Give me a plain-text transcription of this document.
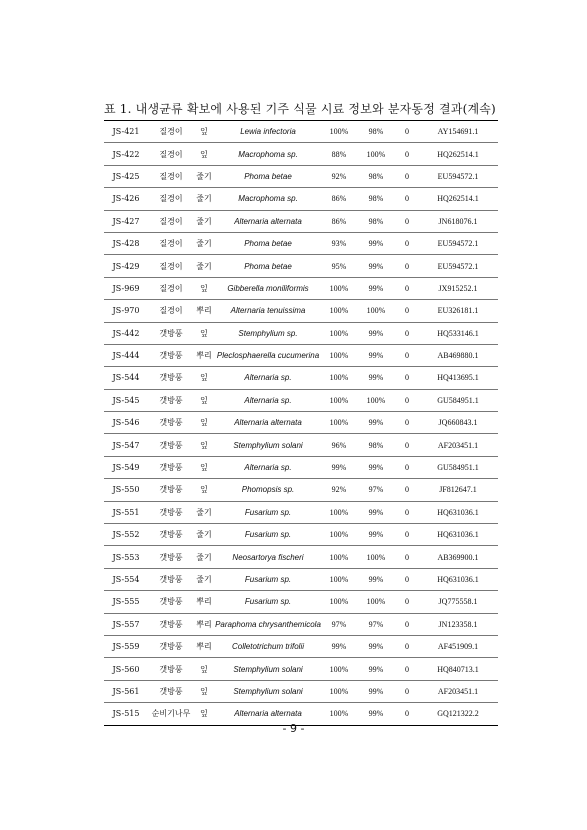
표 1. 내생균류 확보에 사용된 기주 식물 시료 정보와 분자동정 결과(계속)
JS-421	질경이	잎	Lewia infectoria	100%	98%	0	AY154691.1
JS-422	질경이	잎	Macrophoma sp.	88%	100%	0	HQ262514.1
JS-425	질경이	줄기	Phoma betae	92%	98%	0	EU594572.1
JS-426	질경이	줄기	Macrophoma sp.	86%	98%	0	HQ262514.1
JS-427	질경이	줄기	Alternaria alternata	86%	98%	0	JN618076.1
JS-428	질경이	줄기	Phoma betae	93%	99%	0	EU594572.1
JS-429	질경이	줄기	Phoma betae	95%	99%	0	EU594572.1
JS-969	질경이	잎	Gibberella moniliformis	100%	99%	0	JX915252.1
JS-970	질경이	뿌리	Alternaria tenuissima	100%	100%	0	EU326181.1
JS-442	갯방풍	잎	Stemphylium sp.	100%	99%	0	HQ533146.1
JS-444	갯방풍	뿌리	Pleclosphaerella cucumerina	100%	99%	0	AB469880.1
JS-544	갯방풍	잎	Alternaria sp.	100%	99%	0	HQ413695.1
JS-545	갯방풍	잎	Alternaria sp.	100%	100%	0	GU584951.1
JS-546	갯방풍	잎	Alternaria alternata	100%	99%	0	JQ660843.1
JS-547	갯방풍	잎	Stemphylium solani	96%	98%	0	AF203451.1
JS-549	갯방풍	잎	Alternaria sp.	99%	99%	0	GU584951.1
JS-550	갯방풍	잎	Phomopsis sp.	92%	97%	0	JF812647.1
JS-551	갯방풍	줄기	Fusarium sp.	100%	99%	0	HQ631036.1
JS-552	갯방풍	줄기	Fusarium sp.	100%	99%	0	HQ631036.1
JS-553	갯방풍	줄기	Neosartorya fischeri	100%	100%	0	AB369900.1
JS-554	갯방풍	줄기	Fusarium sp.	100%	99%	0	HQ631036.1
JS-555	갯방풍	뿌리	Fusarium sp.	100%	100%	0	JQ775558.1
JS-557	갯방풍	뿌리	Paraphoma chrysanthemicola	97%	97%	0	JN123358.1
JS-559	갯방풍	뿌리	Colletotrichum trifolii	99%	99%	0	AF451909.1
JS-560	갯방풍	잎	Stemphylium solani	100%	99%	0	HQ840713.1
JS-561	갯방풍	잎	Stemphylium solani	100%	99%	0	AF203451.1
JS-515	순비기나무	잎	Alternaria alternata	100%	99%	0	GQ121322.2
- 9 -
